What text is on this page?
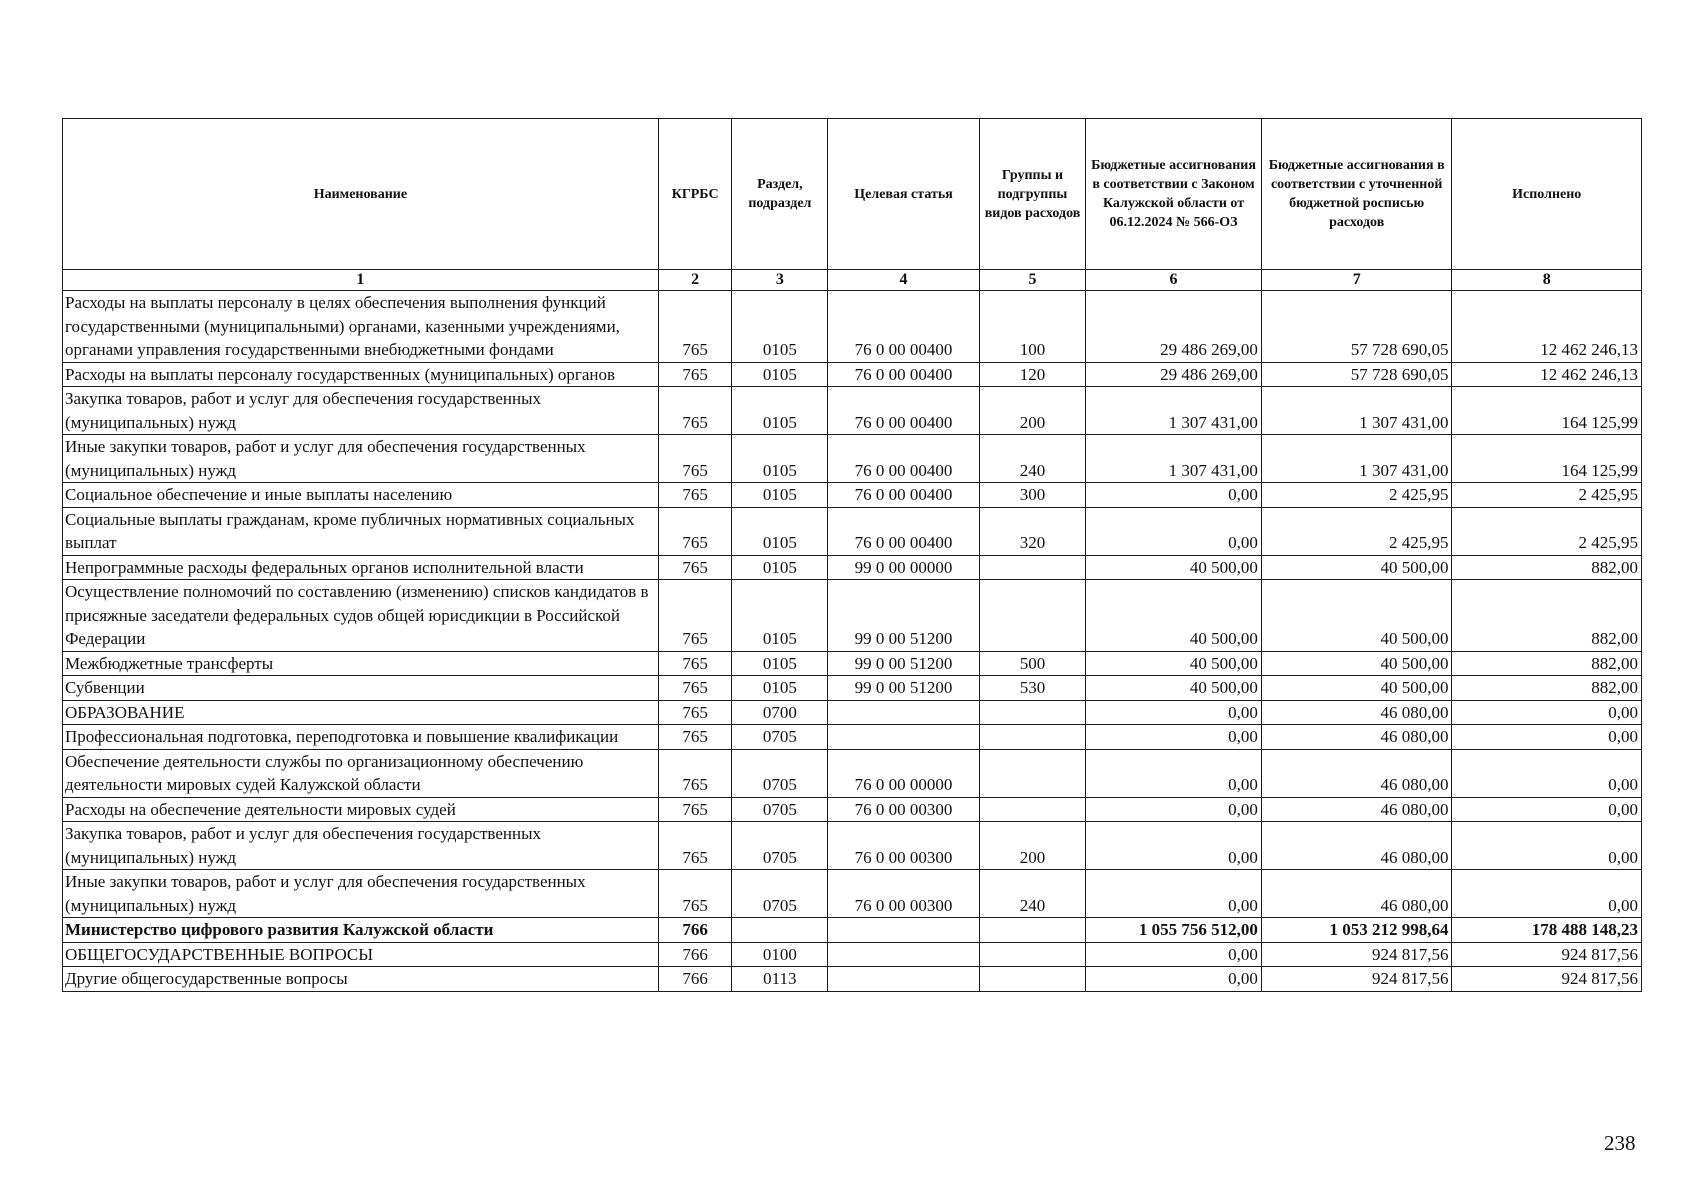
Наименование	КГРБС	Раздел, подраздел	Целевая статья	Группы и подгруппы видов расходов	Бюджетные ассигнования в соответствии с Законом Калужской области от 06.12.2024 № 566-ОЗ	Бюджетные ассигнования в соответствии с уточненной бюджетной росписью расходов	Исполнено
1	2	3	4	5	6	7	8
Расходы на выплаты персоналу в целях обеспечения выполнения функций государственными (муниципальными) органами, казенными учреждениями, органами управления государственными внебюджетными фондами	765	0105	76 0 00 00400	100	29 486 269,00	57 728 690,05	12 462 246,13
Расходы на выплаты персоналу государственных (муниципальных) органов	765	0105	76 0 00 00400	120	29 486 269,00	57 728 690,05	12 462 246,13
Закупка товаров, работ и услуг для обеспечения государственных (муниципальных) нужд	765	0105	76 0 00 00400	200	1 307 431,00	1 307 431,00	164 125,99
Иные закупки товаров, работ и услуг для обеспечения государственных (муниципальных) нужд	765	0105	76 0 00 00400	240	1 307 431,00	1 307 431,00	164 125,99
Социальное обеспечение и иные выплаты населению	765	0105	76 0 00 00400	300	0,00	2 425,95	2 425,95
Социальные выплаты гражданам, кроме публичных нормативных социальных выплат	765	0105	76 0 00 00400	320	0,00	2 425,95	2 425,95
Непрограммные расходы федеральных органов исполнительной власти	765	0105	99 0 00 00000		40 500,00	40 500,00	882,00
Осуществление полномочий по составлению (изменению) списков кандидатов в присяжные заседатели федеральных судов общей юрисдикции в Российской Федерации	765	0105	99 0 00 51200		40 500,00	40 500,00	882,00
Межбюджетные трансферты	765	0105	99 0 00 51200	500	40 500,00	40 500,00	882,00
Субвенции	765	0105	99 0 00 51200	530	40 500,00	40 500,00	882,00
ОБРАЗОВАНИЕ	765	0700			0,00	46 080,00	0,00
Профессиональная подготовка, переподготовка и повышение квалификации	765	0705			0,00	46 080,00	0,00
Обеспечение деятельности службы по организационному обеспечению деятельности мировых судей Калужской области	765	0705	76 0 00 00000		0,00	46 080,00	0,00
Расходы на обеспечение деятельности мировых судей	765	0705	76 0 00 00300		0,00	46 080,00	0,00
Закупка товаров, работ и услуг для обеспечения государственных (муниципальных) нужд	765	0705	76 0 00 00300	200	0,00	46 080,00	0,00
Иные закупки товаров, работ и услуг для обеспечения государственных (муниципальных) нужд	765	0705	76 0 00 00300	240	0,00	46 080,00	0,00
Министерство цифрового развития Калужской области	766				1 055 756 512,00	1 053 212 998,64	178 488 148,23
ОБЩЕГОСУДАРСТВЕННЫЕ ВОПРОСЫ	766	0100			0,00	924 817,56	924 817,56
Другие общегосударственные вопросы	766	0113			0,00	924 817,56	924 817,56
238
